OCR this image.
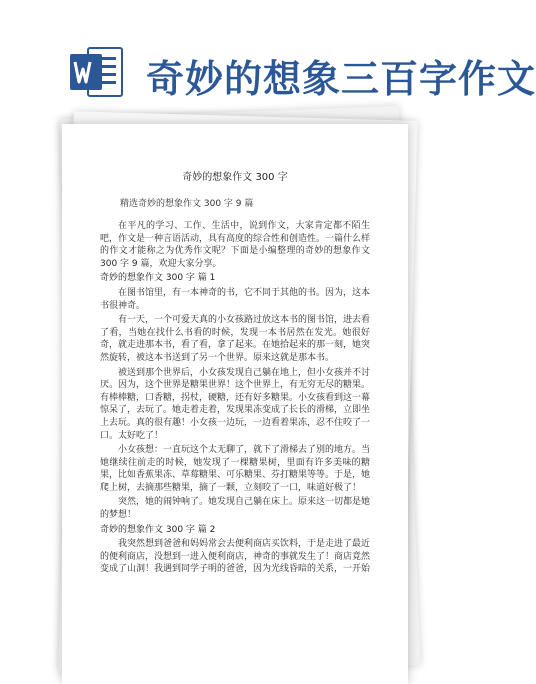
奇妙的想象三百字作文
奇妙的想象作文 300 字
精选奇妙的想象作文 300 字 9 篇

在平凡的学习、工作、生活中，说到作文，大家肯定都不陌生吧，作文是一种言语活动，具有高度的综合性和创造性。一篇什么样的作文才能称之为优秀作文呢？下面是小编整理的奇妙的想象作文 300 字 9 篇，欢迎大家分享。

奇妙的想象作文 300 字 篇 1

在图书馆里，有一本神奇的书，它不同于其他的书。因为，这本书很神奇。

有一天，一个可爱天真的小女孩路过放这本书的图书馆，进去看了看，当她在找什么书看的时候，发现一本书居然在发光。她很好奇，就走进那本书，看了看，拿了起来。在她拾起来的那一刻，她突然旋转，被这本书送到了另一个世界。原来这就是那本书。

被送到那个世界后，小女孩发现自己躺在地上，但小女孩并不讨厌。因为，这个世界是糖果世界！这个世界上，有无穷无尽的糖果。有棒棒糖，口香糖，拐杖，硬糖，还有好多糖果。小女孩看到这一幕惊呆了，去玩了。她走着走着，发现果冻变成了长长的滑梯，立即坐上去玩。真的很有趣！小女孩一边玩，一边看着果冻，忍不住咬了一口。太好吃了！

小女孩想：一直玩这个太无聊了，就下了滑梯去了别的地方。当她继续往前走的时候，她发现了一棵糖果树，里面有许多美味的糖果，比如香蕉果冻、草莓糖果、可乐糖果、芬打糖果等等。于是，她爬上树，去摘那些糖果，摘了一颗，立刻咬了一口，味道好极了！

突然，她的闹钟响了。她发现自己躺在床上。原来这一切都是她的梦想！

奇妙的想象作文 300 字 篇 2

我突然想到爸爸和妈妈常会去便利商店买饮料，于是走进了最近的便利商店，没想到一进入便利商店，神奇的事就发生了！商店竟然变成了山洞！我遇到同学子明的爸爸，因为光线昏暗的关系，一开始
